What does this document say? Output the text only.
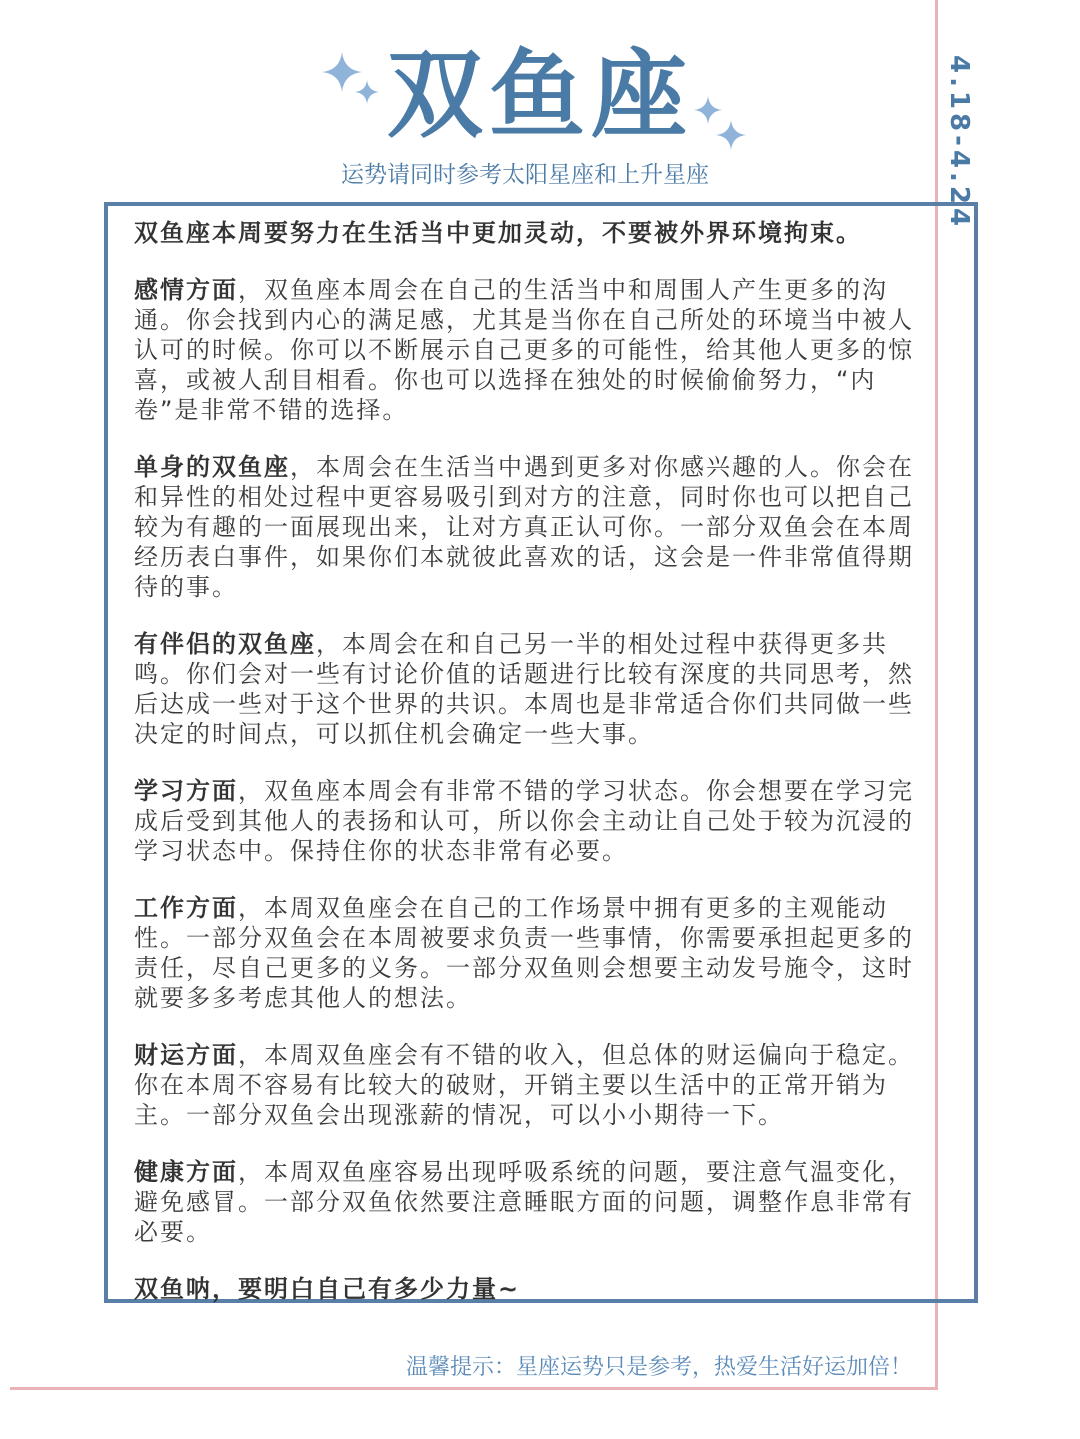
双鱼座
运势请同时参考太阳星座和上升星座	4.18-4.24

双鱼座本周要努力在生活当中更加灵动，不要被外界环境拘束。

感情方面，双鱼座本周会在自己的生活当中和周围人产生更多的沟通。你会找到内心的满足感，尤其是当你在自己所处的环境当中被人认可的时候。你可以不断展示自己更多的可能性，给其他人更多的惊喜，或被人刮目相看。你也可以选择在独处的时候偷偷努力，“内卷”是非常不错的选择。

单身的双鱼座，本周会在生活当中遇到更多对你感兴趣的人。你会在和异性的相处过程中更容易吸引到对方的注意，同时你也可以把自己较为有趣的一面展现出来，让对方真正认可你。一部分双鱼会在本周经历表白事件，如果你们本就彼此喜欢的话，这会是一件非常值得期待的事。

有伴侣的双鱼座，本周会在和自己另一半的相处过程中获得更多共鸣。你们会对一些有讨论价值的话题进行比较有深度的共同思考，然后达成一些对于这个世界的共识。本周也是非常适合你们共同做一些决定的时间点，可以抓住机会确定一些大事。

学习方面，双鱼座本周会有非常不错的学习状态。你会想要在学习完成后受到其他人的表扬和认可，所以你会主动让自己处于较为沉浸的学习状态中。保持住你的状态非常有必要。

工作方面，本周双鱼座会在自己的工作场景中拥有更多的主观能动性。一部分双鱼会在本周被要求负责一些事情，你需要承担起更多的责任，尽自己更多的义务。一部分双鱼则会想要主动发号施令，这时就要多多考虑其他人的想法。

财运方面，本周双鱼座会有不错的收入，但总体的财运偏向于稳定。你在本周不容易有比较大的破财，开销主要以生活中的正常开销为主。一部分双鱼会出现涨薪的情况，可以小小期待一下。

健康方面，本周双鱼座容易出现呼吸系统的问题，要注意气温变化，避免感冒。一部分双鱼依然要注意睡眠方面的问题，调整作息非常有必要。

双鱼呐，要明白自己有多少力量~

温馨提示：星座运势只是参考，热爱生活好运加倍！
